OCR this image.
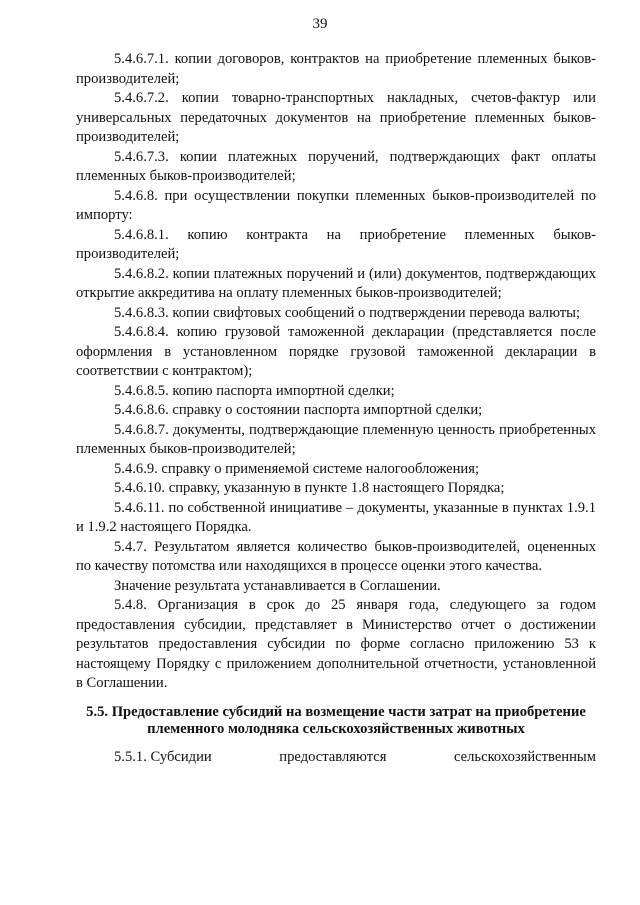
39

5.4.6.7.1. копии договоров, контрактов на приобретение племенных быков-производителей;

5.4.6.7.2. копии товарно-транспортных накладных, счетов-фактур или универсальных передаточных документов на приобретение племенных быков-производителей;

5.4.6.7.3. копии платежных поручений, подтверждающих факт оплаты племенных быков-производителей;

5.4.6.8. при осуществлении покупки племенных быков-производителей по импорту:

5.4.6.8.1. копию контракта на приобретение племенных быков-производителей;

5.4.6.8.2. копии платежных поручений и (или) документов, подтверждающих открытие аккредитива на оплату племенных быков-производителей;

5.4.6.8.3. копии свифтовых сообщений о подтверждении перевода валюты;

5.4.6.8.4. копию грузовой таможенной декларации (представляется после оформления в установленном порядке грузовой таможенной декларации в соответствии с контрактом);

5.4.6.8.5. копию паспорта импортной сделки;

5.4.6.8.6. справку о состоянии паспорта импортной сделки;

5.4.6.8.7. документы, подтверждающие племенную ценность приобретенных племенных быков-производителей;

5.4.6.9. справку о применяемой системе налогообложения;

5.4.6.10. справку, указанную в пункте 1.8 настоящего Порядка;

5.4.6.11. по собственной инициативе – документы, указанные в пунктах 1.9.1 и 1.9.2 настоящего Порядка.

5.4.7. Результатом является количество быков-производителей, оцененных по качеству потомства или находящихся в процессе оценки этого качества.

Значение результата устанавливается в Соглашении.

5.4.8. Организация в срок до 25 января года, следующего за годом предоставления субсидии, представляет в Министерство отчет о достижении результатов предоставления субсидии по форме согласно приложению 53 к настоящему Порядку с приложением дополнительной отчетности, установленной в Соглашении.

5.5. Предоставление субсидий на возмещение части затрат на приобретение
племенного молодняка сельскохозяйственных животных
5.5.1. Субсидии	предоставляются	сельскохозяйственным
